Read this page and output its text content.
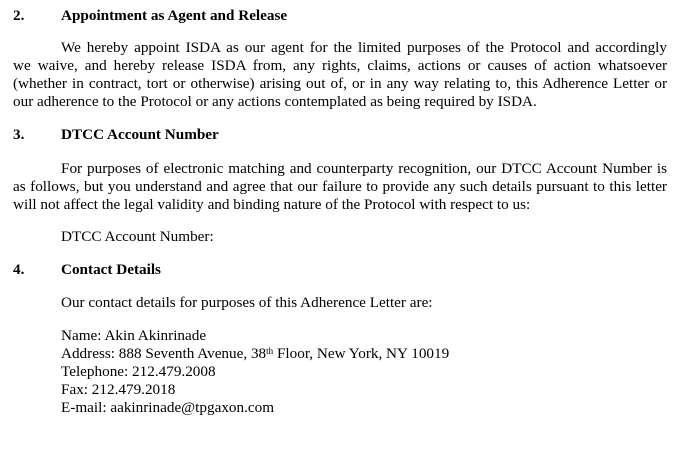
2. Appointment as Agent and Release
We hereby appoint ISDA as our agent for the limited purposes of the Protocol and accordingly
we waive, and hereby release ISDA from, any rights, claims, actions or causes of action whatsoever
(whether in contract, tort or otherwise) arising out of, or in any way relating to, this Adherence Letter or
our adherence to the Protocol or any actions contemplated as being required by ISDA.
3. DTCC Account Number
For purposes of electronic matching and counterparty recognition, our DTCC Account Number is
as follows, but you understand and agree that our failure to provide any such details pursuant to this letter
will not affect the legal validity and binding nature of the Protocol with respect to us:
DTCC Account Number:
4. Contact Details
Our contact details for purposes of this Adherence Letter are:
Name: Akin Akinrinade
Address: 888 Seventh Avenue, 38th Floor, New York, NY 10019
Telephone: 212.479.2008
Fax: 212.479.2018
E-mail: aakinrinade@tpgaxon.com
